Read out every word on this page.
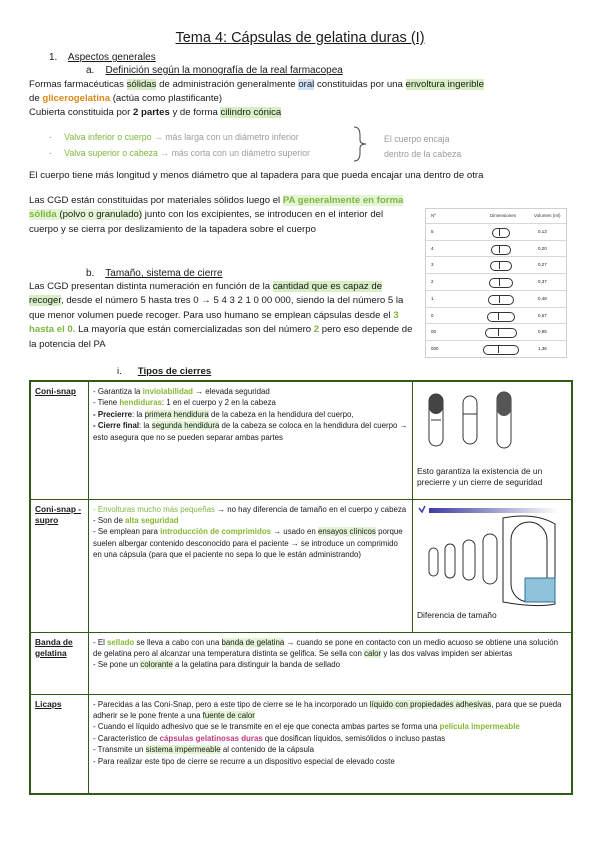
Tema 4: Cápsulas de gelatina duras (I)
1. Aspectos generales
a. Definición según la monografía de la real farmacopea
Formas farmacéuticas sólidas de administración generalmente oral constituidas por una envoltura ingerible
de glicerogelatina (actúa como plastificante)
Cubierta constituida por 2 partes y de forma cilindro cónica
- Valva inferior o cuerpo → más larga con un diámetro inferior
- Valva superior o cabeza → más corta con un diámetro superior
El cuerpo encaja
dentro de la cabeza
El cuerpo tiene más longitud y menos diámetro que al tapadera para que pueda encajar una dentro de otra
Las CGD están constituidas por materiales sólidos luego el PA generalmente en forma sólida (polvo o granulado) junto con los excipientes, se introducen en el interior del cuerpo y se cierra por deslizamiento de la tapadera sobre el cuerpo
b. Tamaño, sistema de cierre
Las CGD presentan distinta numeración en función de la cantidad que es capaz de recoger, desde el número 5 hasta tres 0 → 5 4 3 2 1 0 00 000, siendo la del número 5 la que menor volumen puede recoger. Para uso humano se emplean cápsulas desde el 3 hasta el 0. La mayoría que están comercializadas son del número 2 pero eso depende de la potencia del PA
Nº	Dimensiones	Volumen (ml)
5	0,13
4	0,20
3	0,27
2	0,37
1	0,48
0	0,67
00	0,95
000	1,36
i. Tipos de cierres
Coni-snap	- Garantiza la inviolabilidad → elevada seguridad
- Tiene hendiduras: 1 en el cuerpo y 2 en la cabeza
- Precierre: la primera hendidura de la cabeza en la hendidura del cuerpo,
- Cierre final: la segunda hendidura de la cabeza se coloca en la hendidura del cuerpo → esto asegura que no se pueden separar ambas partes	Esto garantiza la existencia de un precierre y un cierre de seguridad

Coni-snap -supro	- Envolturas mucho más pequeñas → no hay diferencia de tamaño en el cuerpo y cabeza
- Son de alta seguridad
- Se emplean para introducción de comprimidos → usado en ensayos clínicos porque suelen albergar contenido desconocido para el paciente → se introduce un comprimido en una cápsula (para que el paciente no sepa lo que le están administrando)	Diferencia de tamaño

Banda de gelatina	- El sellado se lleva a cabo con una banda de gelatina → cuando se pone en contacto con un medio acuoso se obtiene una solución de gelatina pero al alcanzar una temperatura distinta se gelifica. Se sella con calor y las dos valvas impiden ser abiertas
- Se pone un colorante a la gelatina para distinguir la banda de sellado	

Licaps	- Parecidas a las Coni-Snap, pero a este tipo de cierre se le ha incorporado un líquido con propiedades adhesivas, para que se pueda adherir se le pone frente a una fuente de calor
- Cuando el líquido adhesivo que se le transmite en el eje que conecta ambas partes se forma una película impermeable
- Característico de cápsulas gelatinosas duras que dosifican líquidos, semisólidos o incluso pastas
- Transmite un sistema impermeable al contenido de la cápsula
- Para realizar este tipo de cierre se recurre a un dispositivo especial de elevado coste	
